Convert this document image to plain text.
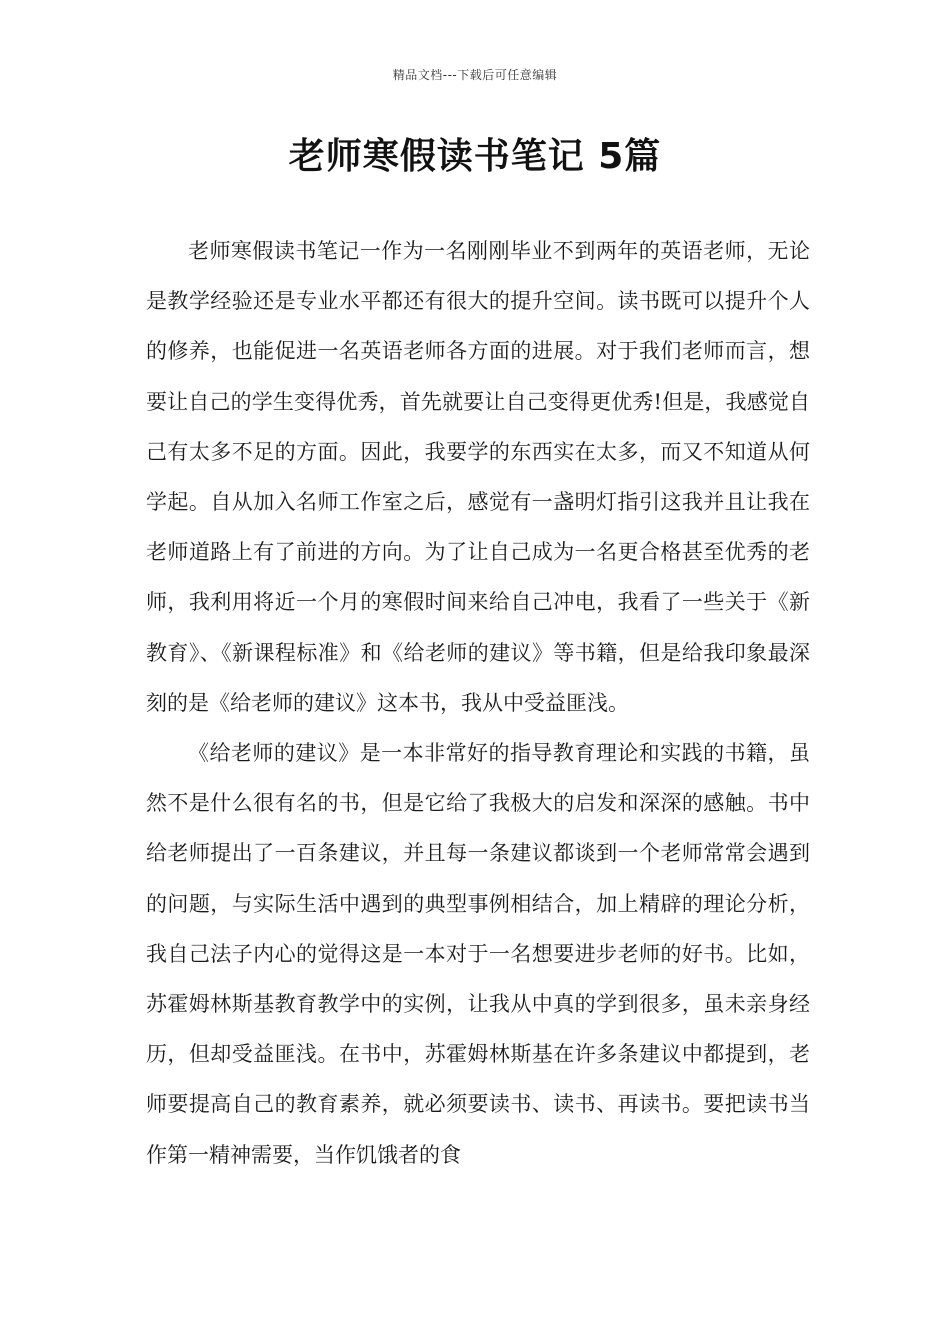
精品文档---下载后可任意编辑
老师寒假读书笔记 5篇

老师寒假读书笔记一作为一名刚刚毕业不到两年的英语老师，无论是教学经验还是专业水平都还有很大的提升空间。读书既可以提升个人的修养，也能促进一名英语老师各方面的进展。对于我们老师而言，想要让自己的学生变得优秀，首先就要让自己变得更优秀!但是，我感觉自己有太多不足的方面。因此，我要学的东西实在太多，而又不知道从何学起。自从加入名师工作室之后，感觉有一盏明灯指引这我并且让我在老师道路上有了前进的方向。为了让自己成为一名更合格甚至优秀的老师，我利用将近一个月的寒假时间来给自己冲电，我看了一些关于《新教育》、《新课程标准》和《给老师的建议》等书籍，但是给我印象最深刻的是《给老师的建议》这本书，我从中受益匪浅。

《给老师的建议》是一本非常好的指导教育理论和实践的书籍，虽然不是什么很有名的书，但是它给了我极大的启发和深深的感触。书中给老师提出了一百条建议，并且每一条建议都谈到一个老师常常会遇到的问题，与实际生活中遇到的典型事例相结合，加上精辟的理论分析，我自己法子内心的觉得这是一本对于一名想要进步老师的好书。比如，苏霍姆林斯基教育教学中的实例，让我从中真的学到很多，虽未亲身经历，但却受益匪浅。在书中，苏霍姆林斯基在许多条建议中都提到，老师要提高自己的教育素养，就必须要读书、读书、再读书。要把读书当作第一精神需要，当作饥饿者的食
